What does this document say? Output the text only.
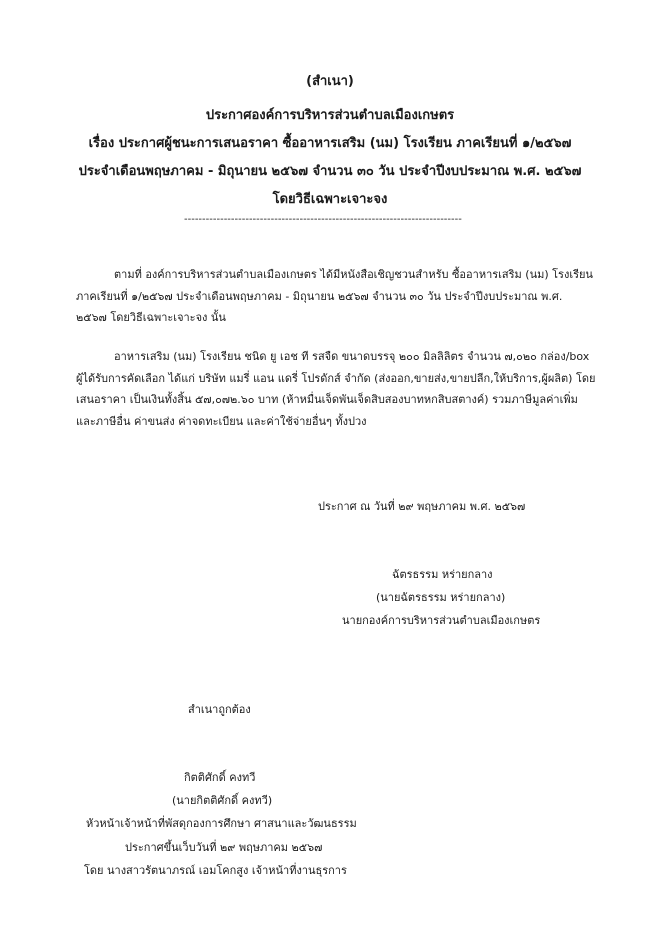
(สำเนา)
ประกาศองค์การบริหารส่วนตำบลเมืองเกษตร
เรื่อง ประกาศผู้ชนะการเสนอราคา ซื้ออาหารเสริม (นม) โรงเรียน ภาคเรียนที่ ๑/๒๕๖๗
ประจำเดือนพฤษภาคม - มิถุนายน ๒๕๖๗ จำนวน ๓๐ วัน ประจำปีงบประมาณ พ.ศ. ๒๕๖๗
โดยวิธีเฉพาะเจาะจง
-----------------------------------------------------------------------------
ตามที่ องค์การบริหารส่วนตำบลเมืองเกษตร ได้มีหนังสือเชิญชวนสำหรับ ซื้ออาหารเสริม (นม) โรงเรียน
ภาคเรียนที่ ๑/๒๕๖๗ ประจำเดือนพฤษภาคม - มิถุนายน ๒๕๖๗ จำนวน ๓๐ วัน ประจำปีงบประมาณ พ.ศ.
๒๕๖๗ โดยวิธีเฉพาะเจาะจง นั้น
อาหารเสริม (นม) โรงเรียน ชนิด ยู เอช ที รสจืด ขนาดบรรจุ ๒๐๐ มิลลิลิตร จำนวน ๗,๐๒๐ กล่อง/box
ผู้ได้รับการคัดเลือก ได้แก่ บริษัท แมรี่ แอน แดรี่ โปรดักส์ จำกัด (ส่งออก,ขายส่ง,ขายปลีก,ให้บริการ,ผู้ผลิต) โดย
เสนอราคา เป็นเงินทั้งสิ้น ๕๗,๐๗๒.๖๐ บาท (ห้าหมื่นเจ็ดพันเจ็ดสิบสองบาทหกสิบสตางค์) รวมภาษีมูลค่าเพิ่ม
และภาษีอื่น ค่าขนส่ง ค่าจดทะเบียน และค่าใช้จ่ายอื่นๆ ทั้งปวง
ประกาศ ณ วันที่ ๒๙ พฤษภาคม พ.ศ. ๒๕๖๗
ฉัตรธรรม หร่ายกลาง
(นายฉัตรธรรม หร่ายกลาง)
นายกองค์การบริหารส่วนตำบลเมืองเกษตร
สำเนาถูกต้อง
กิตติศักดิ์ คงทวี
(นายกิตติศักดิ์ คงทวี)
หัวหน้าเจ้าหน้าที่พัสดุกองการศึกษา ศาสนาและวัฒนธรรม
ประกาศขึ้นเว็บวันที่ ๒๙ พฤษภาคม ๒๕๖๗
โดย นางสาวรัตนาภรณ์ เอมโคกสูง เจ้าหน้าที่งานธุรการ
